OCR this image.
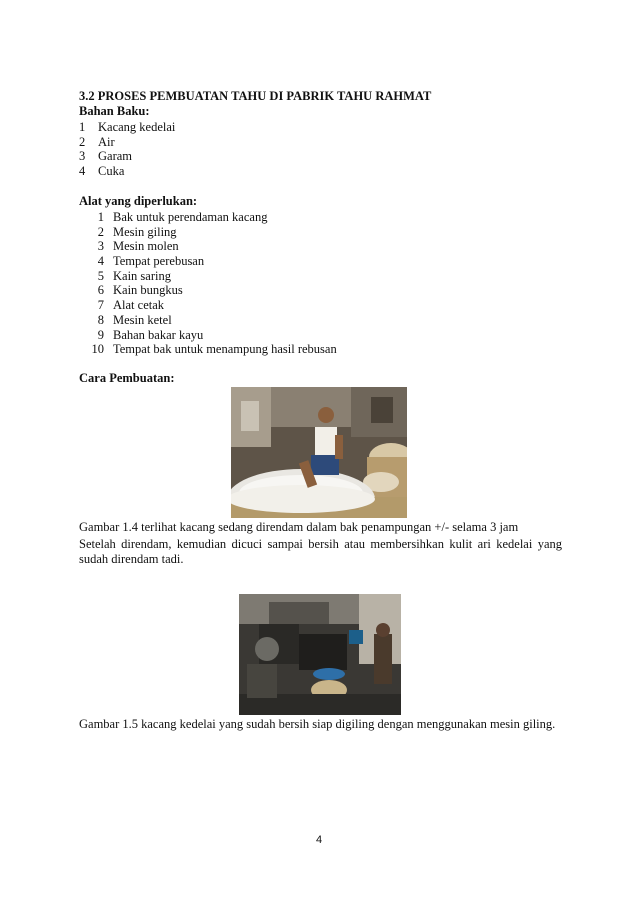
3.2 PROSES PEMBUATAN TAHU DI PABRIK TAHU RAHMAT
Bahan Baku:
1 Kacang kedelai
2 Air
3 Garam
4 Cuka
Alat yang diperlukan:
1 Bak untuk perendaman kacang
2 Mesin giling
3 Mesin molen
4 Tempat perebusan
5 Kain saring
6 Kain bungkus
7 Alat cetak
8 Mesin ketel
9 Bahan bakar kayu
10 Tempat bak untuk menampung hasil rebusan
Cara Pembuatan:
Gambar 1.4 terlihat kacang sedang direndam dalam bak penampungan +/- selama 3 jam
Setelah direndam, kemudian dicuci sampai bersih atau membersihkan kulit ari kedelai yang sudah direndam tadi.
Gambar 1.5 kacang kedelai yang sudah bersih siap digiling dengan menggunakan mesin giling.
4
